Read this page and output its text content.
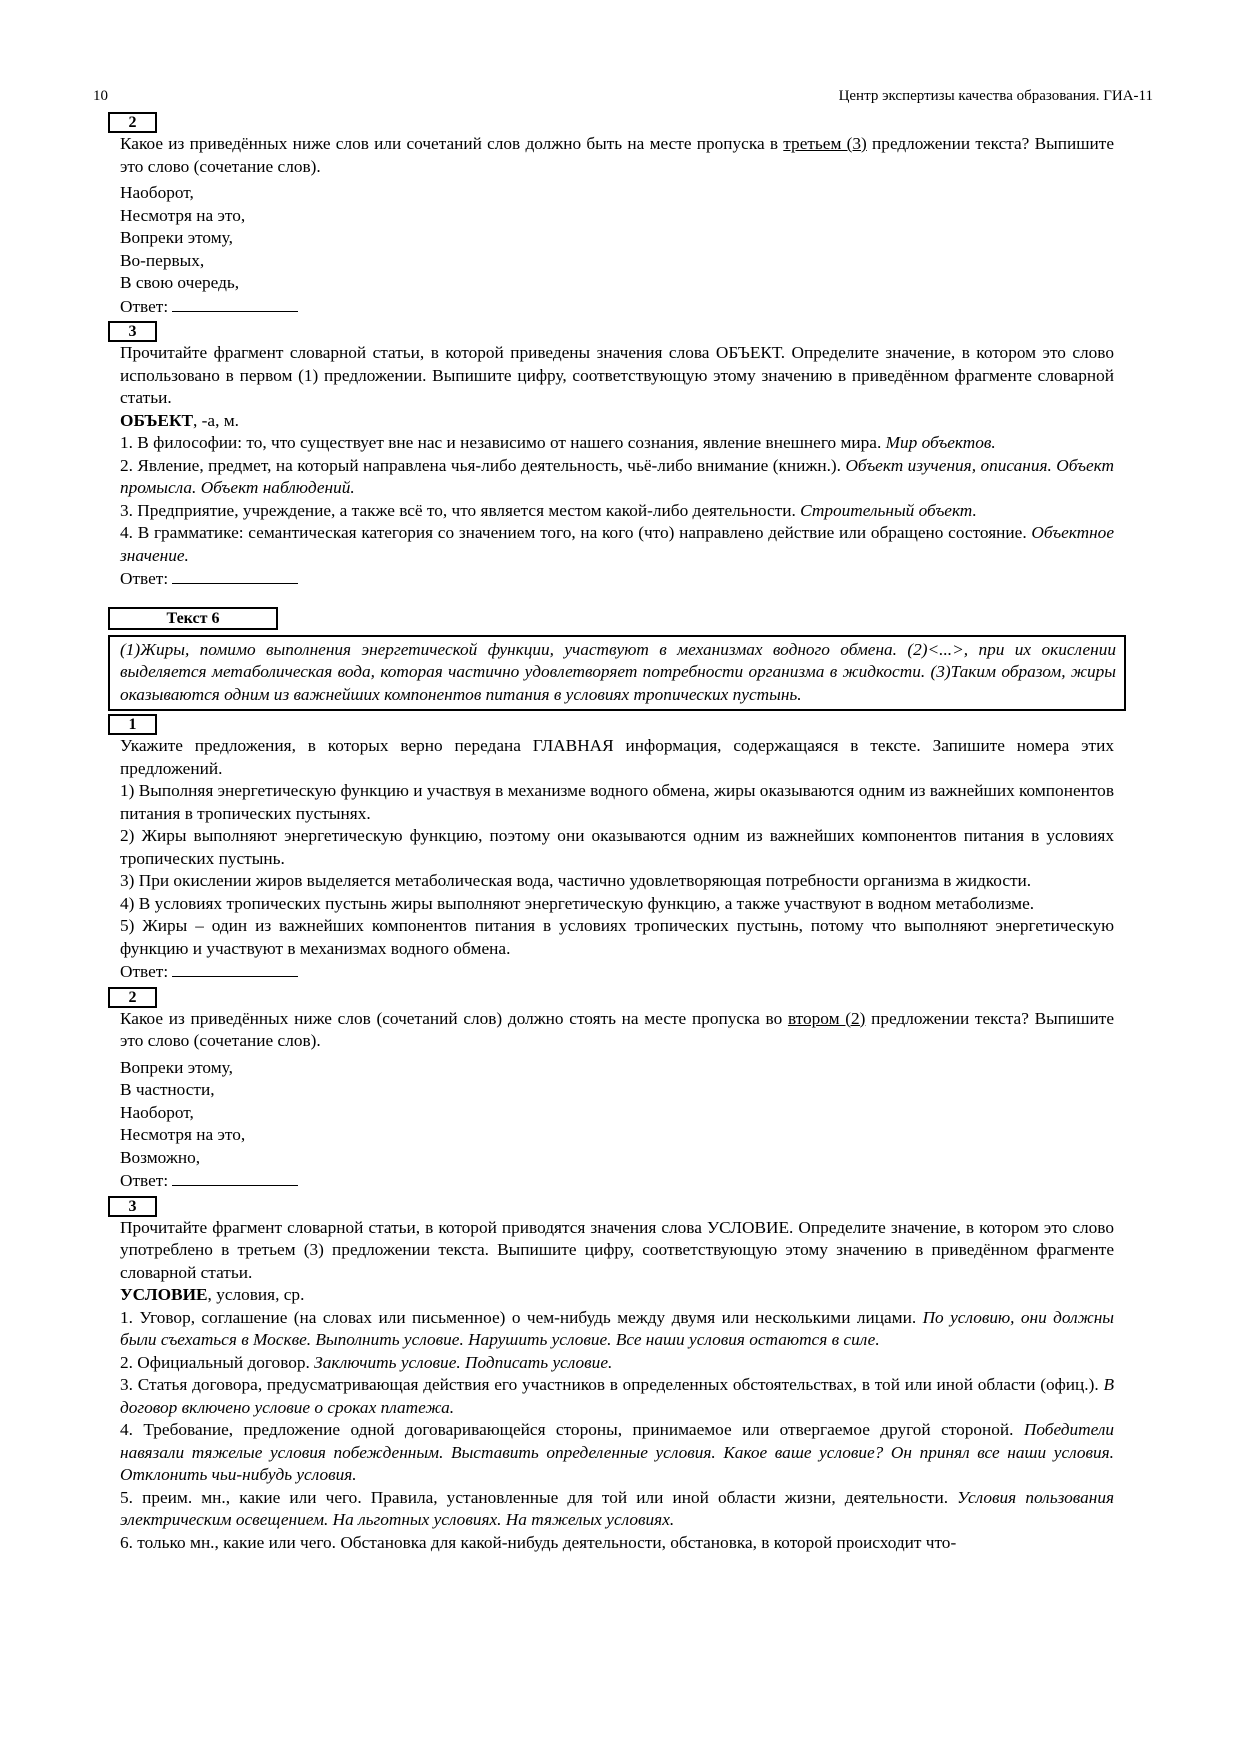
10	Центр экспертизы качества образования. ГИА-11
2

Какое из приведённых ниже слов или сочетаний слов должно быть на месте пропуска в третьем (3) предложении текста? Выпишите это слово (сочетание слов).

Наоборот,

Несмотря на это,

Вопреки этому,

Во-первых,

В свою очередь,

Ответ:

3

Прочитайте фрагмент словарной статьи, в которой приведены значения слова ОБЪЕКТ. Определите значение, в котором это слово использовано в первом (1) предложении. Выпишите цифру, соответствующую этому значению в приведённом фрагменте словарной статьи.

ОБЪЕКТ, -а, м.

1. В философии: то, что существует вне нас и независимо от нашего сознания, явление внешнего мира. Мир объектов.

2. Явление, предмет, на который направлена чья-либо деятельность, чьё-либо внимание (книжн.). Объект изучения, описания. Объект промысла. Объект наблюдений.

3. Предприятие, учреждение, а также всё то, что является местом какой-либо деятельности. Строительный объект.

4. В грамматике: семантическая категория со значением того, на кого (что) направлено действие или обращено состояние. Объектное значение.

Ответ:

Текст 6
(1)Жиры, помимо выполнения энергетической функции, участвуют в механизмах водного обмена. (2)<...>, при их окислении выделяется метаболическая вода, которая частично удовлетворяет потребности организма в жидкости. (3)Таким образом, жиры оказываются одним из важнейших компонентов питания в условиях тропических пустынь.
1

Укажите предложения, в которых верно передана ГЛАВНАЯ информация, содержащаяся в тексте. Запишите номера этих предложений.

1) Выполняя энергетическую функцию и участвуя в механизме водного обмена, жиры оказываются одним из важнейших компонентов питания в тропических пустынях.

2) Жиры выполняют энергетическую функцию, поэтому они оказываются одним из важнейших компонентов питания в условиях тропических пустынь.

3) При окислении жиров выделяется метаболическая вода, частично удовлетворяющая потребности организма в жидкости.

4) В условиях тропических пустынь жиры выполняют энергетическую функцию, а также участвуют в водном метаболизме.

5) Жиры – один из важнейших компонентов питания в условиях тропических пустынь, потому что выполняют энергетическую функцию и участвуют в механизмах водного обмена.

Ответ:

2

Какое из приведённых ниже слов (сочетаний слов) должно стоять на месте пропуска во втором (2) предложении текста? Выпишите это слово (сочетание слов).

Вопреки этому,

В частности,

Наоборот,

Несмотря на это,

Возможно,

Ответ:

3

Прочитайте фрагмент словарной статьи, в которой приводятся значения слова УСЛОВИЕ. Определите значение, в котором это слово употреблено в третьем (3) предложении текста. Выпишите цифру, соответствующую этому значению в приведённом фрагменте словарной статьи.

УСЛОВИЕ, условия, ср.

1. Уговор, соглашение (на словах или письменное) о чем-нибудь между двумя или несколькими лицами. По условию, они должны были съехаться в Москве. Выполнить условие. Нарушить условие. Все наши условия остаются в силе.

2. Официальный договор. Заключить условие. Подписать условие.

3. Статья договора, предусматривающая действия его участников в определенных обстоятельствах, в той или иной области (офиц.). В договор включено условие о сроках платежа.

4. Требование, предложение одной договаривающейся стороны, принимаемое или отвергаемое другой стороной. Победители навязали тяжелые условия побежденным. Выставить определенные условия. Какое ваше условие? Он принял все наши условия. Отклонить чьи-нибудь условия.

5. преим. мн., какие или чего. Правила, установленные для той или иной области жизни, деятельности. Условия пользования электрическим освещением. На льготных условиях. На тяжелых условиях.

6. только мн., какие или чего. Обстановка для какой-нибудь деятельности, обстановка, в которой происходит что-
